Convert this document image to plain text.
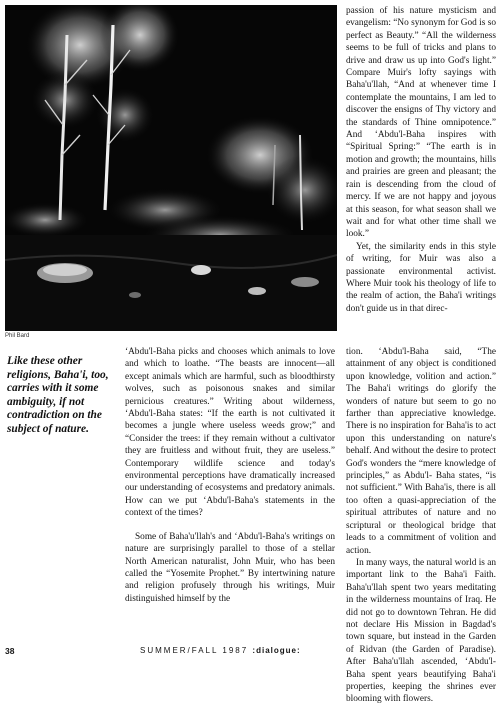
Phil Bard
Like these other religions, Baha'i, too, carries with it some ambiguity, if not contradiction on the subject of nature.

passion of his nature mysticism and evangelism: “No synonym for God is so perfect as Beauty.” “All the wilderness seems to be full of tricks and plans to drive and draw us up into God's light.” Compare Muir's lofty sayings with Baha'u'llah, “And at whenever time I contemplate the mountains, I am led to discover the ensigns of Thy victory and the standards of Thine omnipotence.” And ‘Abdu'l-Baha inspires with “Spiritual Spring:” “The earth is in motion and growth; the mountains, hills and prairies are green and pleasant; the rain is descending from the cloud of mercy. If we are not happy and joyous at this season, for what season shall we wait and for what other time shall we look.”

Yet, the similarity ends in this style of writing, for Muir was also a passionate environmental activist. Where Muir took his theology of life to the realm of action, the Baha'i writings don't guide us in that direc-

‘Abdu'l-Baha picks and chooses which animals to love and which to loathe. “The beasts are innocent—all except animals which are harmful, such as bloodthirsty wolves, such as poisonous snakes and similar pernicious creatures.” Writing about wilderness, ‘Abdu'l-Baha states: “If the earth is not cultivated it becomes a jungle where useless weeds grow;” and “Consider the trees: if they remain without a cultivator they are fruitless and without fruit, they are useless.” Contemporary wildlife science and today's environmental perceptions have dramatically increased our understanding of ecosystems and predatory animals. How can we put ‘Abdu'l-Baha's statements in the context of the times?

Some of Baha'u'llah's and ‘Abdu'l-Baha's writings on nature are surprisingly parallel to those of a stellar North American naturalist, John Muir, who has been called the “Yosemite Prophet.” By intertwining nature and religion profusely through his writings, Muir distinguished himself by the

tion. ‘Abdu'l-Baha said, “The attainment of any object is conditioned upon knowledge, volition and action.” The Baha'i writings do glorify the wonders of nature but seem to go no farther than appreciative knowledge. There is no inspiration for Baha'is to act upon this understanding on nature's behalf. And without the desire to protect God's wonders the “mere knowledge of principles,” as Abdu'l- Baha states, “is not sufficient.” With Baha'is, there is all too often a quasi-appreciation of the spiritual attributes of nature and no scriptural or theological bridge that leads to a commitment of volition and action.

In many ways, the natural world is an important link to the Baha'i Faith. Baha'u'llah spent two years meditating in the wilderness mountains of Iraq. He did not go to downtown Tehran. He did not declare His Mission in Bagdad's town square, but instead in the Garden of Ridvan (the Garden of Paradise). After Baha'u'llah ascended, ‘Abdu'l-Baha spent years beautifying Baha'i properties, keeping the shrines ever blooming with flowers.

38	SUMMER/FALL 1987 :dialogue:
